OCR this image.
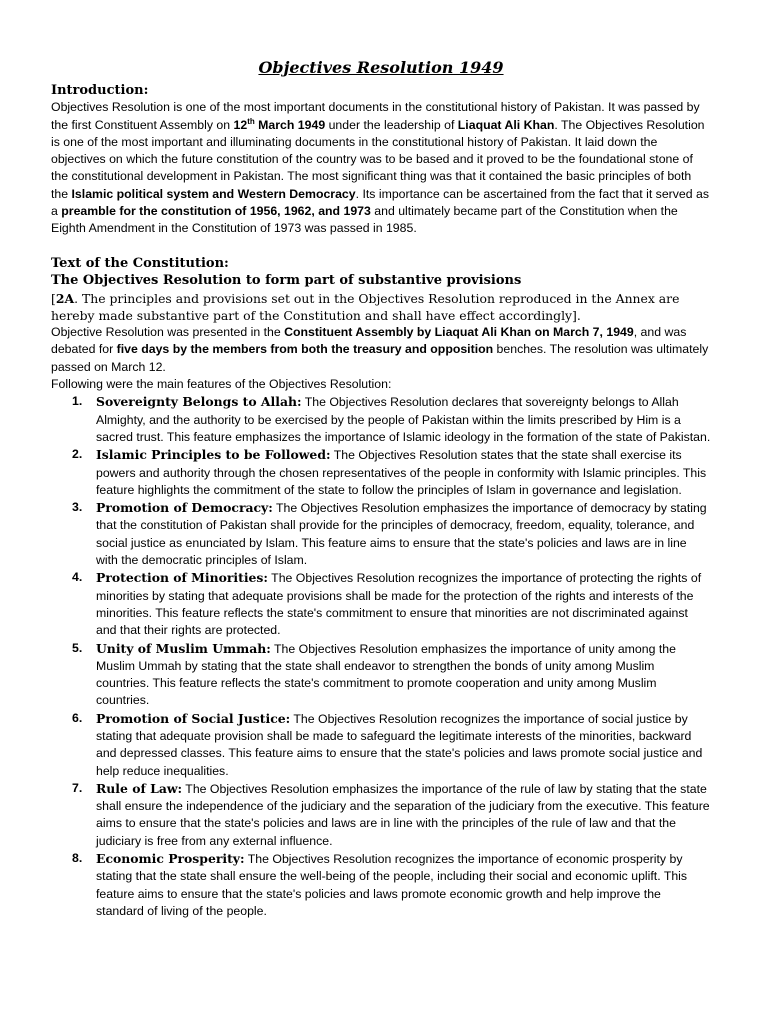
Objectives Resolution 1949
Introduction:

Objectives Resolution is one of the most important documents in the constitutional history of Pakistan. It was passed by the first Constituent Assembly on 12th March 1949 under the leadership of Liaquat Ali Khan. The Objectives Resolution is one of the most important and illuminating documents in the constitutional history of Pakistan. It laid down the objectives on which the future constitution of the country was to be based and it proved to be the foundational stone of the constitutional development in Pakistan. The most significant thing was that it contained the basic principles of both the Islamic political system and Western Democracy. Its importance can be ascertained from the fact that it served as a preamble for the constitution of 1956, 1962, and 1973 and ultimately became part of the Constitution when the Eighth Amendment in the Constitution of 1973 was passed in 1985.

Text of the Constitution:
The Objectives Resolution to form part of substantive provisions

[2A. The principles and provisions set out in the Objectives Resolution reproduced in the Annex are hereby made substantive part of the Constitution and shall have effect accordingly].

Objective Resolution was presented in the Constituent Assembly by Liaquat Ali Khan on March 7, 1949, and was debated for five days by the members from both the treasury and opposition benches. The resolution was ultimately passed on March 12.

Following were the main features of the Objectives Resolution:

1. Sovereignty Belongs to Allah: The Objectives Resolution declares that sovereignty belongs to Allah Almighty, and the authority to be exercised by the people of Pakistan within the limits prescribed by Him is a sacred trust. This feature emphasizes the importance of Islamic ideology in the formation of the state of Pakistan.
2. Islamic Principles to be Followed: The Objectives Resolution states that the state shall exercise its powers and authority through the chosen representatives of the people in conformity with Islamic principles. This feature highlights the commitment of the state to follow the principles of Islam in governance and legislation.
3. Promotion of Democracy: The Objectives Resolution emphasizes the importance of democracy by stating that the constitution of Pakistan shall provide for the principles of democracy, freedom, equality, tolerance, and social justice as enunciated by Islam. This feature aims to ensure that the state's policies and laws are in line with the democratic principles of Islam.
4. Protection of Minorities: The Objectives Resolution recognizes the importance of protecting the rights of minorities by stating that adequate provisions shall be made for the protection of the rights and interests of the minorities. This feature reflects the state's commitment to ensure that minorities are not discriminated against and that their rights are protected.
5. Unity of Muslim Ummah: The Objectives Resolution emphasizes the importance of unity among the Muslim Ummah by stating that the state shall endeavor to strengthen the bonds of unity among Muslim countries. This feature reflects the state's commitment to promote cooperation and unity among Muslim countries.
6. Promotion of Social Justice: The Objectives Resolution recognizes the importance of social justice by stating that adequate provision shall be made to safeguard the legitimate interests of the minorities, backward and depressed classes. This feature aims to ensure that the state's policies and laws promote social justice and help reduce inequalities.
7. Rule of Law: The Objectives Resolution emphasizes the importance of the rule of law by stating that the state shall ensure the independence of the judiciary and the separation of the judiciary from the executive. This feature aims to ensure that the state's policies and laws are in line with the principles of the rule of law and that the judiciary is free from any external influence.
8. Economic Prosperity: The Objectives Resolution recognizes the importance of economic prosperity by stating that the state shall ensure the well-being of the people, including their social and economic uplift. This feature aims to ensure that the state's policies and laws promote economic growth and help improve the standard of living of the people.
